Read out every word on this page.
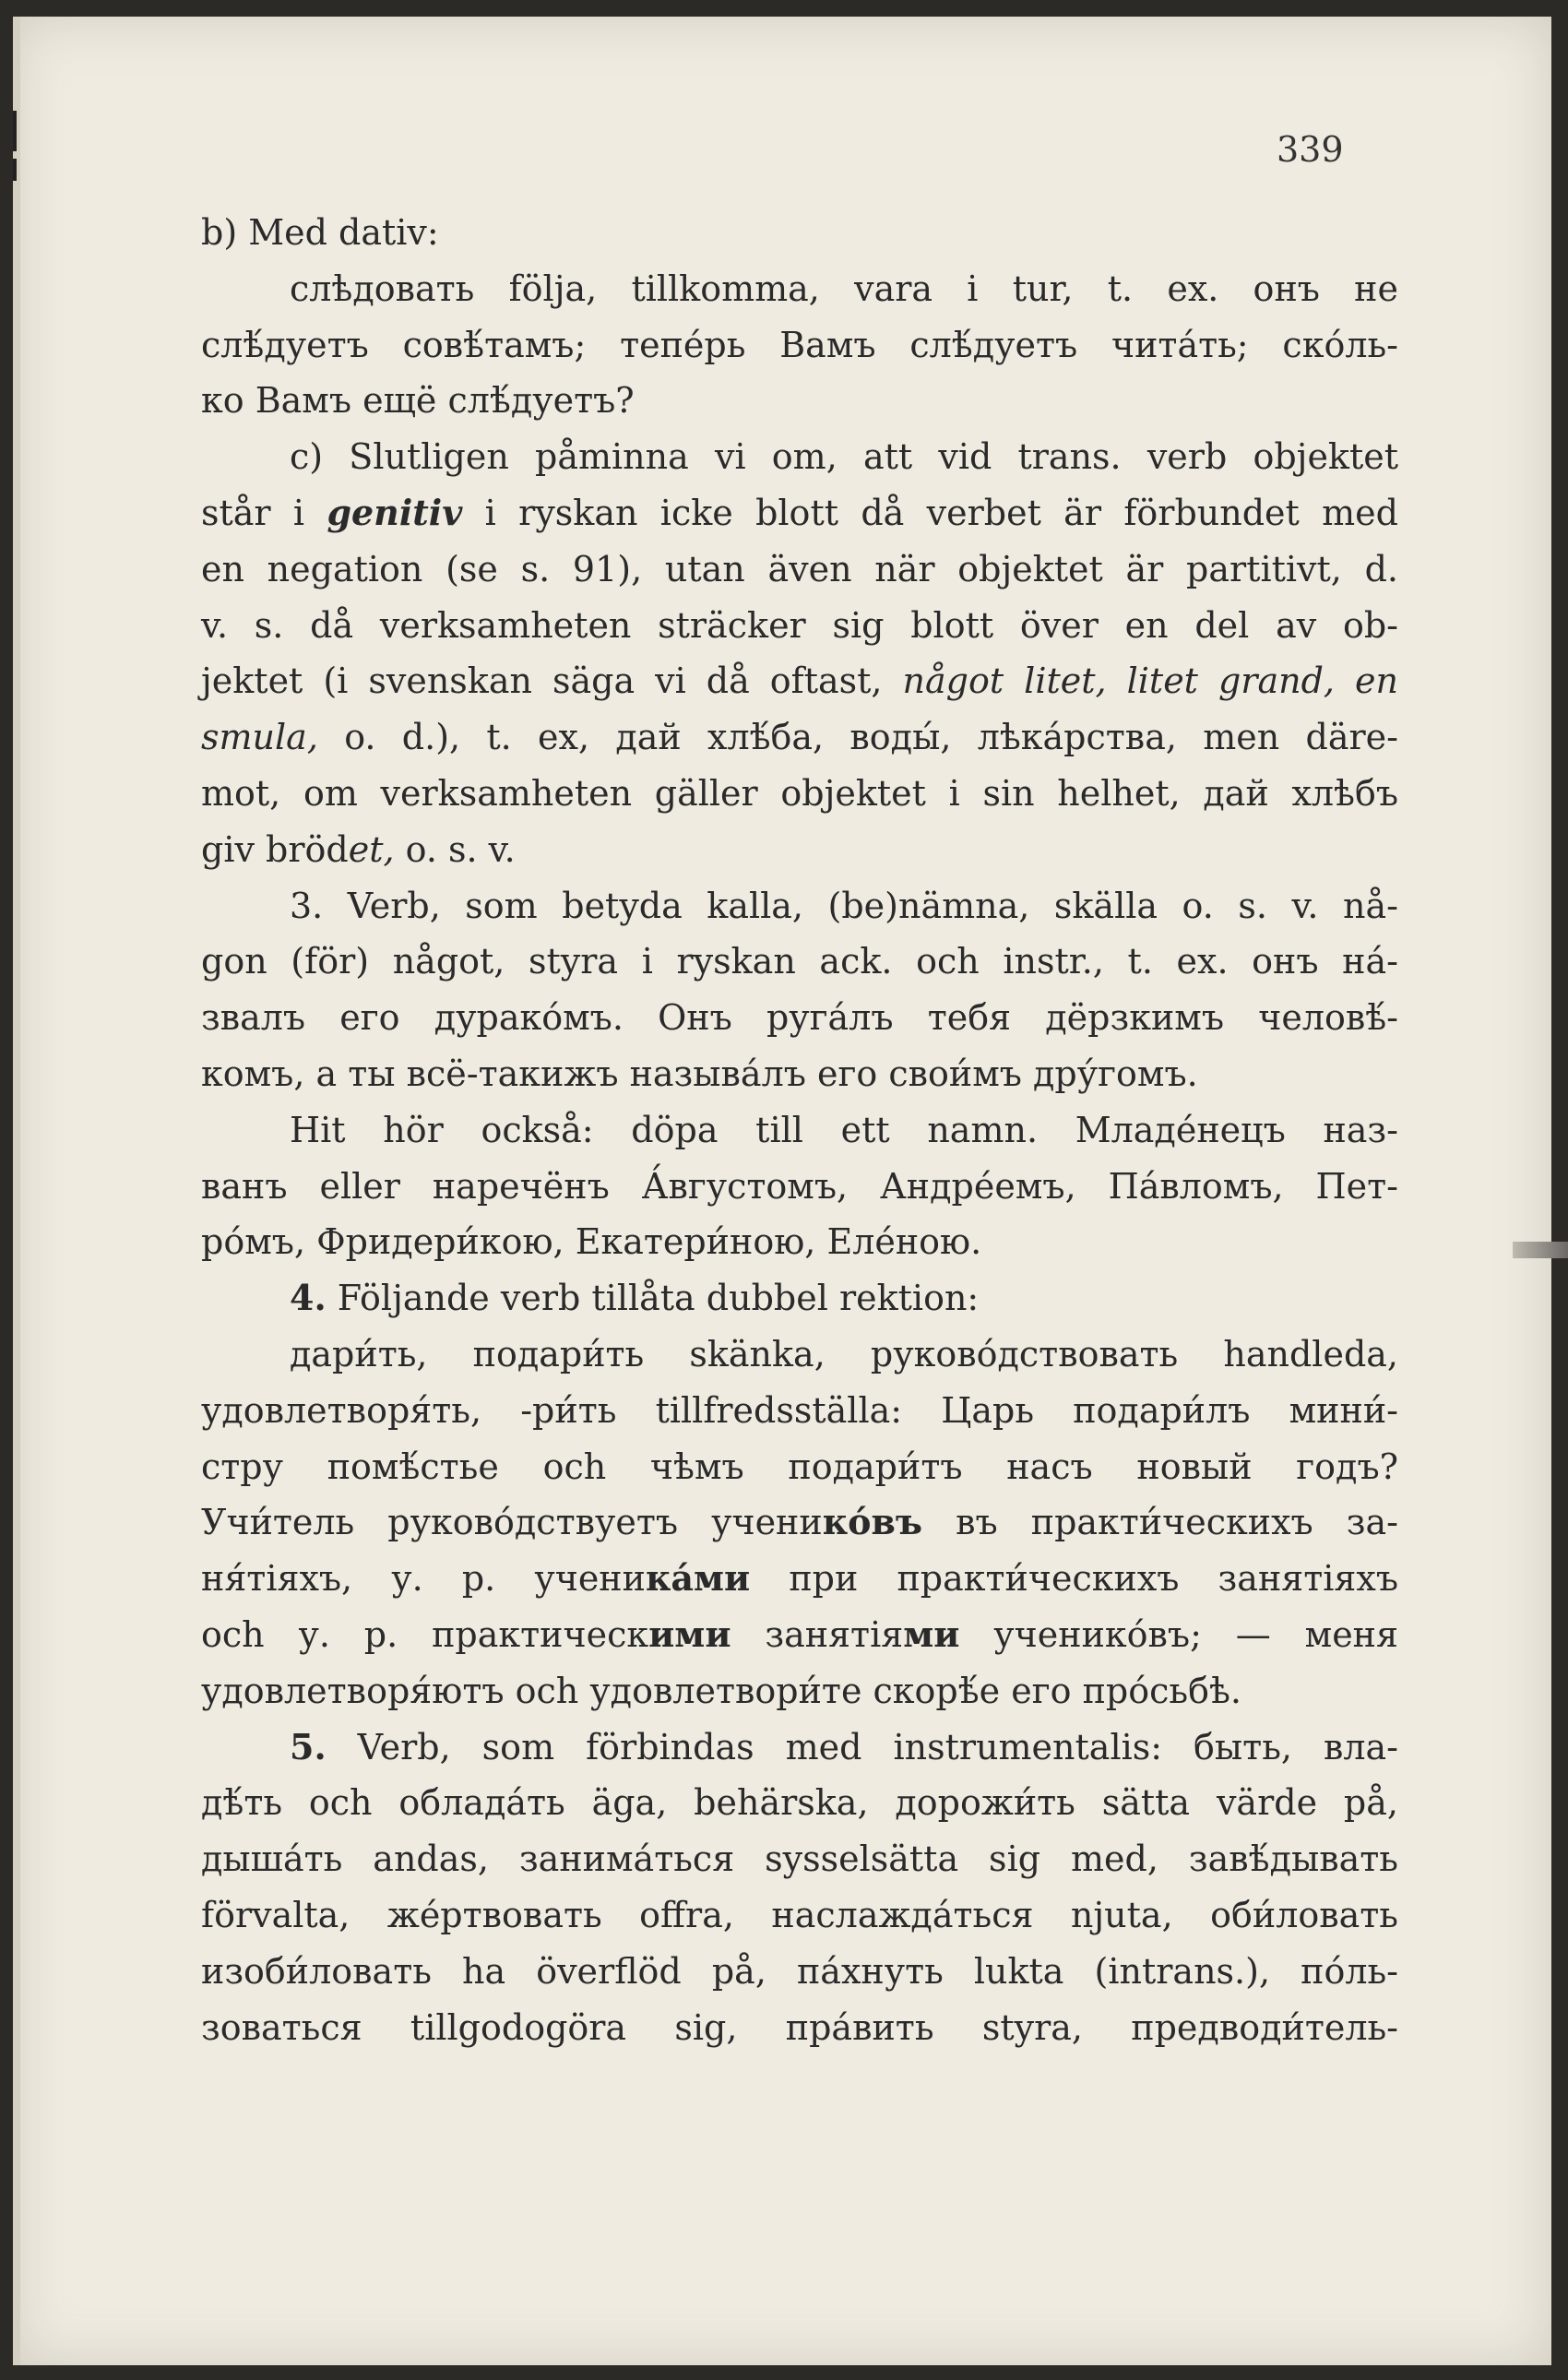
339
b) Med dativ:
слѣдовать följa, tillkomma, vara i tur, t. ex. онъ не
слѣ́дуетъ совѣ́тамъ; тепе́рь Вамъ слѣ́дуетъ чита́ть; ско́ль-
ко Вамъ ещё слѣ́дуетъ?
c) Slutligen påminna vi om, att vid trans. verb objektet
står i genitiv i ryskan icke blott då verbet är förbundet med
en negation (se s. 91), utan även när objektet är partitivt, d.
v. s. då verksamheten sträcker sig blott över en del av ob-
jektet (i svenskan säga vi då oftast, något litet, litet grand, en
smula, o. d.), t. ex, дай хлѣ́ба, воды́, лѣка́рства, men däre-
mot, om verksamheten gäller objektet i sin helhet, дай хлѣбъ
giv brödet, o. s. v.
3. Verb, som betyda kalla, (be)nämna, skälla o. s. v. nå-
gon (för) något, styra i ryskan ack. och instr., t. ex. онъ на́-
звалъ его дурако́мъ. Онъ руга́лъ тебя дёрзкимъ человѣ́-
комъ, а ты всё-такижъ называ́лъ его свои́мъ дру́гомъ.
Hit hör också: döpa till ett namn. Младе́нецъ наз-
ванъ eller наречёнъ А́вгустомъ, Андре́емъ, Па́вломъ, Пет-
ро́мъ, Фридери́кою, Екатери́ною, Еле́ною.
4. Följande verb tillåta dubbel rektion:
дари́ть, подари́ть skänka, руково́дствовать handleda,
удовлетворя́ть, -ри́ть tillfredsställa: Царь подари́лъ мини́-
стру помѣ́стье och чѣмъ подари́тъ насъ новый годъ?
Учи́тель руково́дствуетъ ученико́въ въ практи́ческихъ за-
ня́тіяхъ, у. р. ученика́ми при практи́ческихъ занятіяхъ
och у. р. практическими занятіями ученико́въ; — меня
удовлетворя́ютъ och удовлетвори́те скорѣ́е его про́сьбѣ.
5. Verb, som förbindas med instrumentalis: быть, вла-
дѣ́ть och облада́ть äga, behärska, дорожи́ть sätta värde på,
дыша́ть andas, занима́ться sysselsätta sig med, завѣ́дывать
förvalta, же́ртвовать offra, наслажда́ться njuta, оби́ловать
изоби́ловать ha överflöd på, па́хнуть lukta (intrans.), по́ль-
зоваться tillgodogöra sig, пра́вить styra, предводи́тель-
